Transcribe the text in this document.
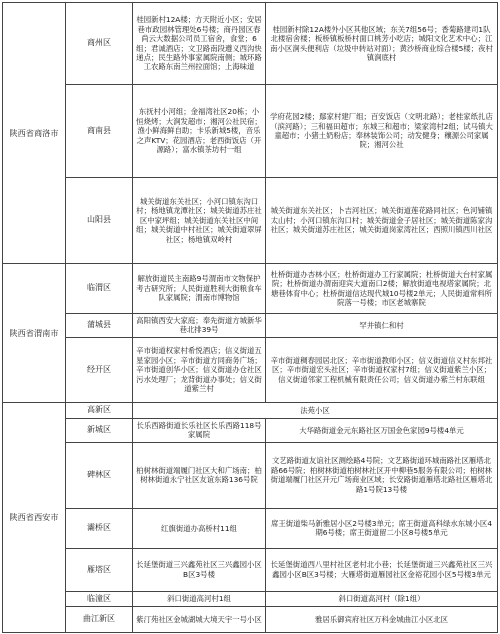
陕西省商洛市	商州区	桂园新村12A楼；方天附近小区；安居巷市政园林管理处6号楼；商丹园区春尚云大数据公司员工宿舍，食堂；6组；君诚酒店；文卫路南段遵义西沟快递点；民生路外事家属院南侧；城环路工农路东南兰州拉面馆；上海味道	桂园新村除12A楼外小区其他区域；东关7组56号；香菊路建司1队北楼宿舍楼；板桥镇板桥村面口桃芳小吃店；城阳文化艺术中心；江南小区涧头便利店（垃圾中转站对面）；黄沙桥商业综合楼5楼；夜村镇涧底村
	商南县	东抚村小河组；金福湾社区20栋；小恒烧烤；大涧发超市；湘河公社民宿；渔小鲜海鲜自助；卡乐新城5楼，音乐之声KTV；花园酒店；老西街饭店（开源路）；富水镇茶坊村一组	学府花园2楼；鄢家村建厂组；百安饭店（文明北路）；老桂家纸扎店（滨河路）；三和福田超市；东城三和超市；梁家湾村2组；试马镇大童超市；小猪土奶粉店；奉林装饰公司；动发健身；穰源公司家属院；湘河公社
	山阳县	城关街道东关社区；小河口镇东沟口村；杨地镇龙潭社区；城关街道苏庄社区中家坪组；城关街道东关社区中间组；城关街道中村社区；城关街道翠屏社区；杨地镇双岭村	城关街道东关社区；卜吉河社区；城关街道莲花路同社区；色河铺镇太山村；小河口镇东沟口村；城关街道金子居社区；城关街道陈家沟社区；城关街道苏庄社区；城关街道岗家湾社区；西照川镇西川社区
陕西省渭南市	临渭区	解放街道民主南路9号渭南市文物保护考古研究所；人民街道胜利大街粮食车队家属院；渭南市博物馆	杜桥街道办杏林小区；杜桥街道办工行家属院；杜桥街道大台村家属院；杜桥街道办渭南迎宾大道南口2楼；解放街道电视塔家属院；北塘巷体育中心；杜桥街道信达现代城10号楼2单元；人民街道常料所院落一号楼；市区老城寨院
	蒲城县	高阳镇西安大家庭；奉先街道方城新华巷北排39号	罕井镇仁和村
	经开区	辛市街道权家村希悦酒店；信义街道五星家园小区；辛市街道方同商务广场；辛市街道创华小区；信义街道办仓社区污水处理厂；龙背街道办事处；信义街道紫兰村	辛市街道稠春园居北区；辛市街道教师小区；信义街道信义村东邦社区；辛市街道宏头社区；辛市街道权家村7组；信义街道紫兰小区；信义街道邻家工程机械有限责任公司；信义街道办紫兰村东联组
陕西省西安市	高新区	法苑小区	
	新城区	长乐西路街道长乐社区长乐西路118号家属院	大华路街道金元东路社区万国金色家园9号楼4单元
	碑林区	柏树林街道端履门社区大和广场南；柏树林街道永宁社区友谊东路136号院	文艺路街道友谊社区测绘路4号院；文艺路街道环城南路社区雁塔北路66号院；柏树林街道柏树林社区开中柳巷5服务有限公司；柏树林街道端履门社区开元广场商业区域；长安路街道雁塔北路社区雁塔北路1号院13号楼
	灞桥区	红旗街道办高桥村11组	席王街道柴马新雅居小区2号楼3单元；席王街道高科绿水东城小区4期6号楼；席王街道留二小区8号楼5单元
	雁塔区	长延堡街道三兴鑫苑社区三兴鑫园小区B区3号楼	长延堡街道西八里村社区老村北小巷；长延堡街道三兴鑫苑社区三兴鑫园小区B区3号楼；大雁塔街道雁园社区金裕花园小区5号楼3单元
	临潼区	斜口街道高河村1组	斜口街道高河村（除1组）
	曲江新区	紫汀苑社区金城湖城大境天宇一号小区	雅居乐御宾府社区万科金城曲江小区北区
